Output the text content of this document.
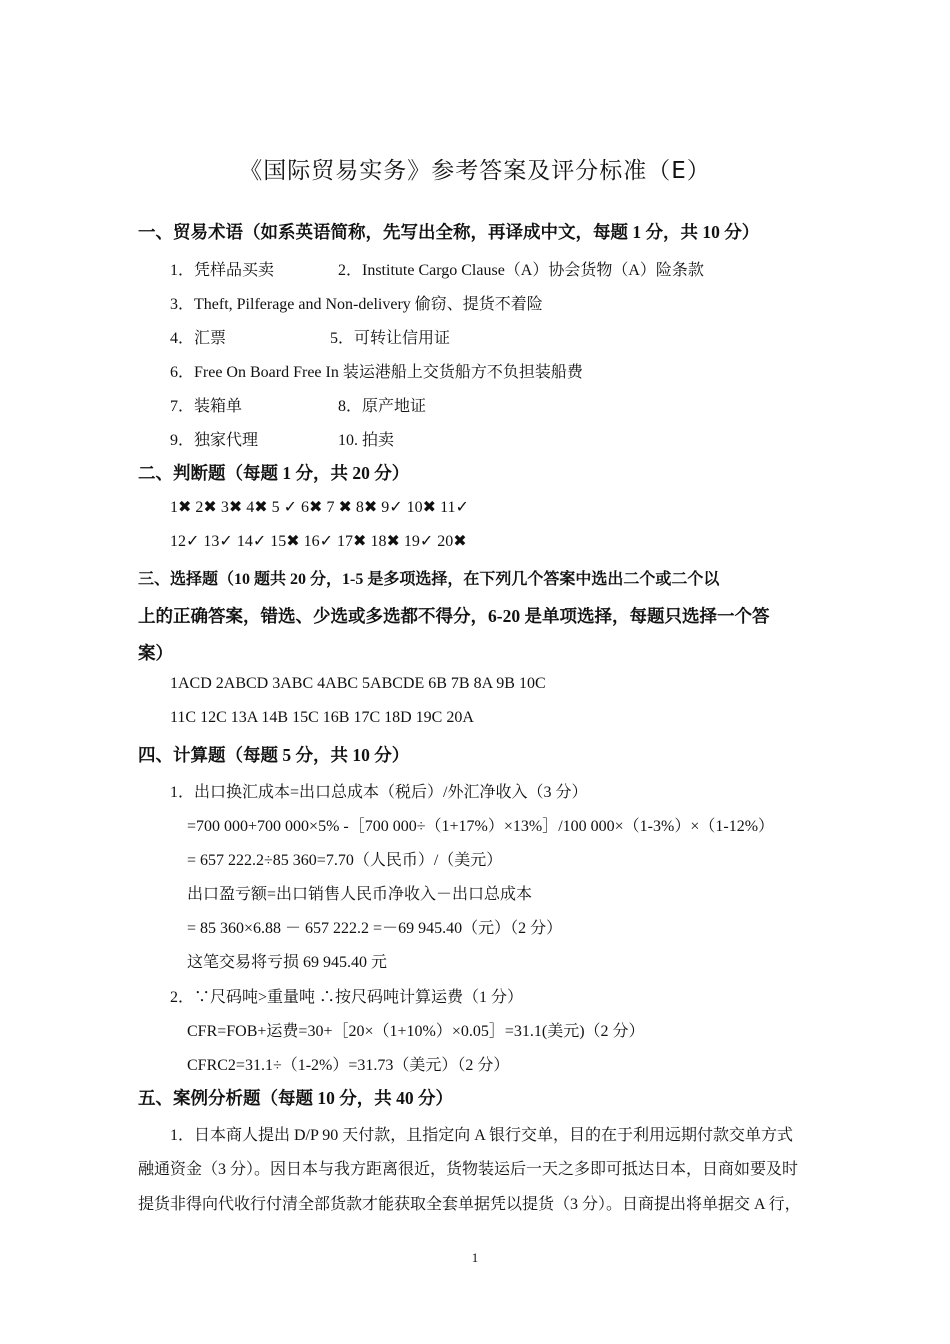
《国际贸易实务》参考答案及评分标准（E）
一、贸易术语（如系英语简称，先写出全称，再译成中文，每题 1 分，共 10 分）
1．凭样品买卖	2．Institute Cargo Clause（A）协会货物（A）险条款
3．Theft, Pilferage and Non-delivery 偷窃、提货不着险
4．汇票	5．可转让信用证
6．Free On Board Free In 装运港船上交货船方不负担装船费
7．装箱单	8．原产地证
9．独家代理	10. 拍卖
二、判断题（每题 1 分，共 20 分）
1✖ 2✖ 3✖ 4✖ 5 ✓ 6✖ 7 ✖ 8✖ 9✓ 10✖ 11✓
12✓ 13✓ 14✓ 15✖ 16✓ 17✖ 18✖ 19✓ 20✖
三、选择题（10 题共 20 分，1-5 是多项选择，在下列几个答案中选出二个或二个以
上的正确答案，错选、少选或多选都不得分，6-20 是单项选择，每题只选择一个答
案）
1ACD 2ABCD 3ABC 4ABC 5ABCDE 6B 7B 8A 9B 10C
11C 12C 13A 14B 15C 16B 17C 18D 19C 20A
四、计算题（每题 5 分，共 10 分）
1．出口换汇成本=出口总成本（税后）/外汇净收入（3 分）
=700 000+700 000×5% -［700 000÷（1+17%）×13%］/100 000×（1-3%）×（1-12%）
= 657 222.2÷85 360=7.70（人民币）/（美元）
出口盈亏额=出口销售人民币净收入－出口总成本
= 85 360×6.88 － 657 222.2 =－69 945.40（元）（2 分）
这笔交易将亏损 69 945.40 元
2．∵尺码吨>重量吨 ∴按尺码吨计算运费（1 分）
CFR=FOB+运费=30+［20×（1+10%）×0.05］=31.1(美元)（2 分）
CFRC2=31.1÷（1-2%）=31.73（美元）（2 分）
五、案例分析题（每题 10 分，共 40 分）
1．日本商人提出 D/P 90 天付款，且指定向 A 银行交单，目的在于利用远期付款交单方式
融通资金（3 分）。因日本与我方距离很近，货物装运后一天之多即可抵达日本，日商如要及时
提货非得向代收行付清全部货款才能获取全套单据凭以提货（3 分）。日商提出将单据交 A 行，
1
